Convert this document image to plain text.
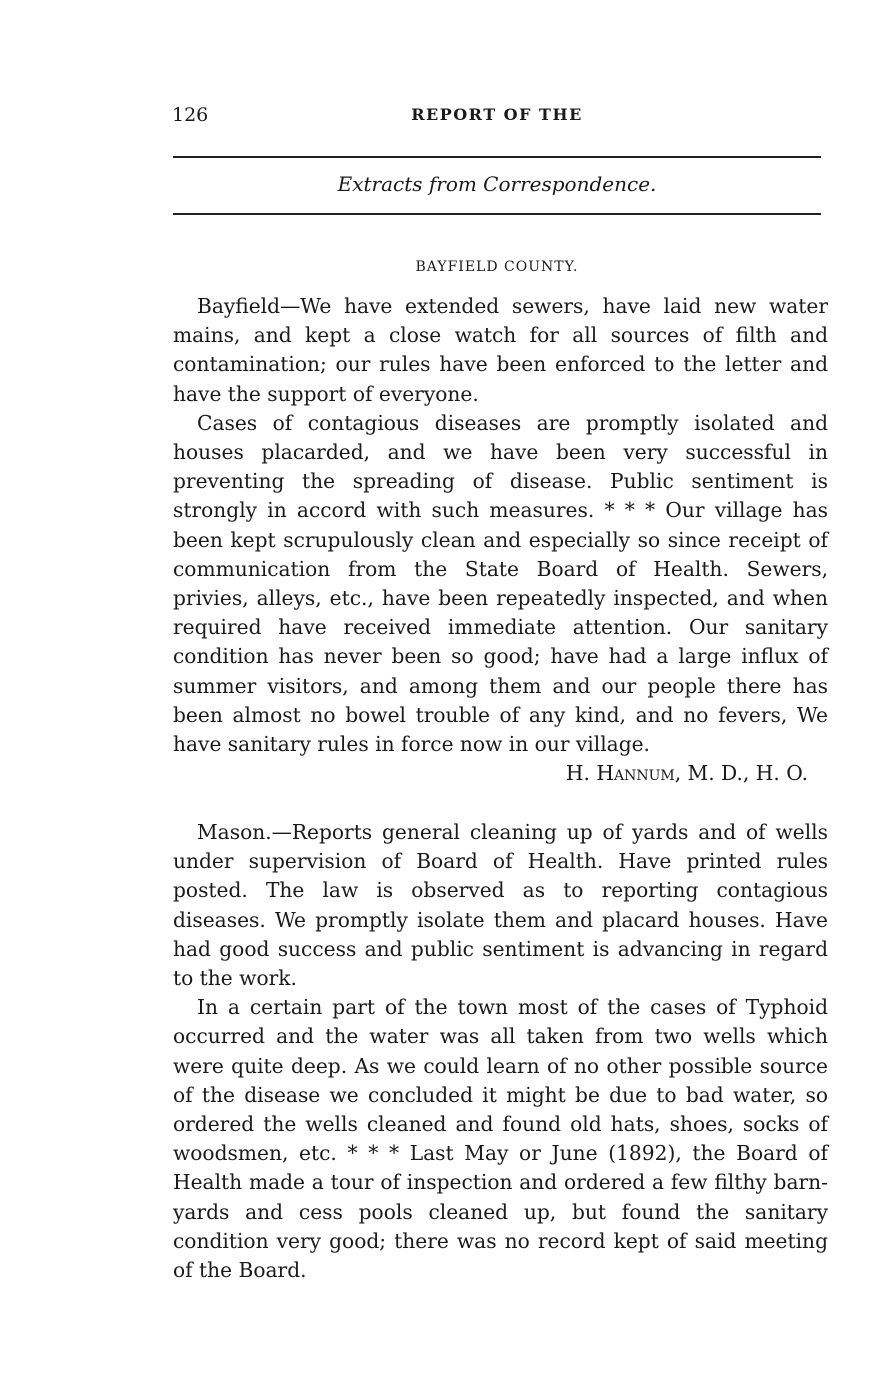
126	REPORT OF THE
Extracts from Correspondence.
BAYFIELD COUNTY.

Bayfield—We have extended sewers, have laid new water mains, and kept a close watch for all sources of filth and contamination; our rules have been enforced to the letter and have the support of everyone.

Cases of contagious diseases are promptly isolated and houses placarded, and we have been very successful in preventing the spreading of disease. Public sentiment is strongly in accord with such measures. * * * Our village has been kept scrupulously clean and especially so since receipt of communication from the State Board of Health. Sewers, privies, alleys, etc., have been repeatedly inspected, and when required have received immediate attention. Our sanitary condition has never been so good; have had a large influx of summer visitors, and among them and our people there has been almost no bowel trouble of any kind, and no fevers, We have sanitary rules in force now in our village.
H. Hannum, M. D., H. O.

Mason.—Reports general cleaning up of yards and of wells under supervision of Board of Health. Have printed rules posted. The law is observed as to reporting contagious diseases. We promptly isolate them and placard houses. Have had good success and public sentiment is advancing in regard to the work.

In a certain part of the town most of the cases of Typhoid occurred and the water was all taken from two wells which were quite deep. As we could learn of no other possible source of the disease we concluded it might be due to bad water, so ordered the wells cleaned and found old hats, shoes, socks of woodsmen, etc. * * * Last May or June (1892), the Board of Health made a tour of inspection and ordered a few filthy barn-yards and cess pools cleaned up, but found the sanitary condition very good; there was no record kept of said meeting of the Board.
